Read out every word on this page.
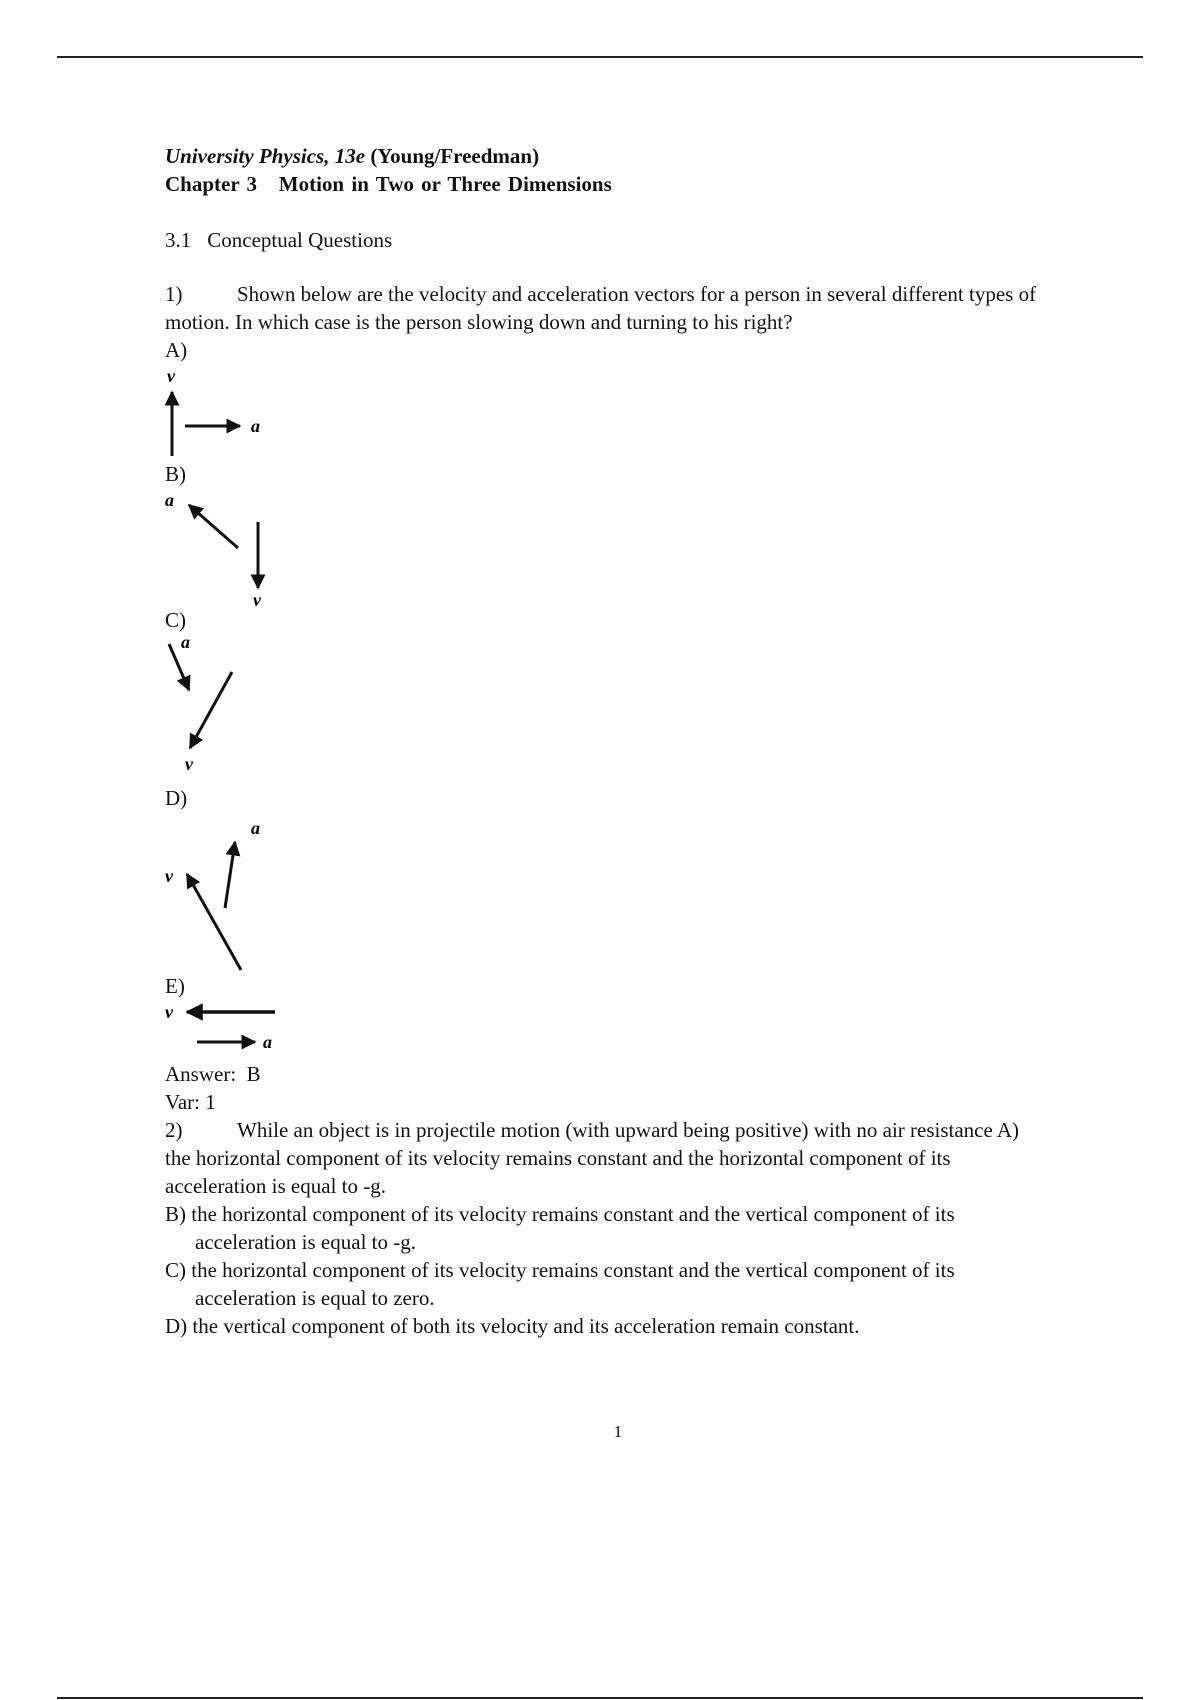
University Physics, 13e (Young/Freedman)
Chapter 3   Motion in Two or Three Dimensions
3.1 Conceptual Questions
1)	Shown below are the velocity and acceleration vectors for a person in several different types of motion. In which case is the person slowing down and turning to his right?
A)
v
a
B)
a
v
C)
a
v
D)
a
v
E)
v
a
Answer:  B
Var: 1
2)	While an object is in projectile motion (with upward being positive) with no air resistance A) the horizontal component of its velocity remains constant and the horizontal component of its acceleration is equal to -g.
B) the horizontal component of its velocity remains constant and the vertical component of its acceleration is equal to -g.
C) the horizontal component of its velocity remains constant and the vertical component of its acceleration is equal to zero.
D) the vertical component of both its velocity and its acceleration remain constant.
1
